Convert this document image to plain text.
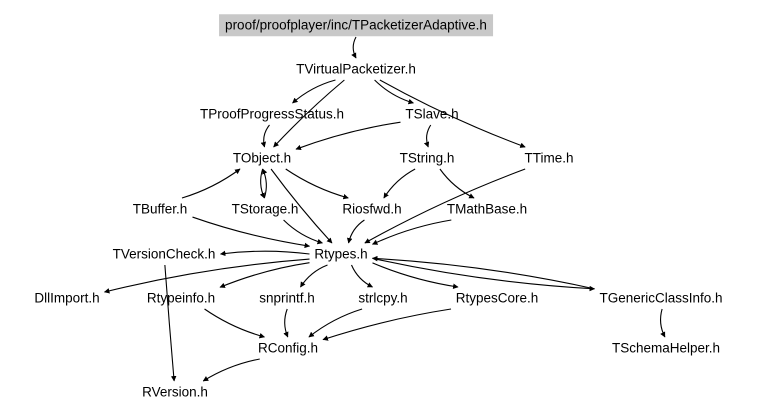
proof/proofplayer/inc/TPacketizerAdaptive.h
TVirtualPacketizer.h
TProofProgressStatus.h	TSlave.h
TObject.h	TString.h	TTime.h
TBuffer.h	TStorage.h	Riosfwd.h	TMathBase.h
TVersionCheck.h	Rtypes.h
DllImport.h	Rtypeinfo.h	snprintf.h	strlcpy.h	RtypesCore.h	TGenericClassInfo.h
RConfig.h	TSchemaHelper.h
RVersion.h
